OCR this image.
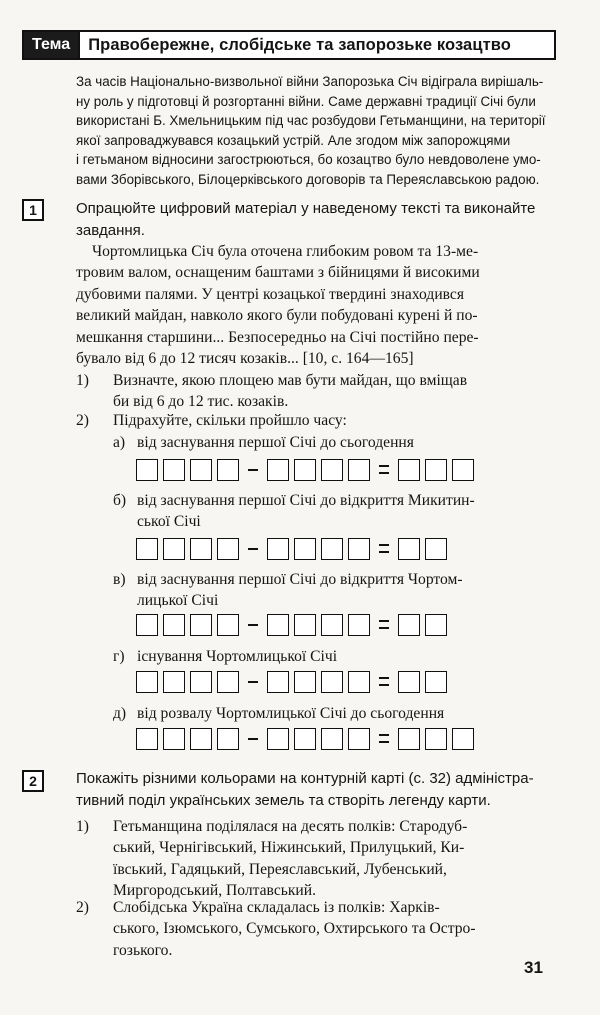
Тема	Правобережне, слобідське та запорозьке козацтво

За часів Національно-визвольної війни Запорозька Січ відіграла вирішаль-

ну роль у підготовці й розгортанні війни. Саме державні традиції Січі були

використані Б. Хмельницьким під час розбудови Гетьманщини, на території

якої запроваджувався козацький устрій. Але згодом між запорожцями

і гетьманом відносини загострюються, бо козацтво було невдоволене умо-

вами Зборівського, Білоцерківського договорів та Переяславською радою.

1	Опрацюйте цифровий матеріал у наведеному тексті та виконайте
завдання.

Чортомлицька Січ була оточена глибоким ровом та 13-ме-

тровим валом, оснащеним баштами з бійницями й високими

дубовими палями. У центрі козацької твердині знаходився

великий майдан, навколо якого були побудовані курені й по-

мешкання старшини... Безпосередньо на Січі постійно пере-

бувало від 6 до 12 тисяч козаків... [10, с. 164—165]

1)	Визначте, якою площею мав бути майдан, що вміщав
би від 6 до 12 тис. козаків.
2)	Підрахуйте, скільки пройшло часу:
а) від заснування першої Січі до сьогодення
б) від заснування першої Січі до відкриття Микитин-
ської Січі
в) від заснування першої Січі до відкриття Чортом-
лицької Січі
г) існування Чортомлицької Січі
д) від розвалу Чортомлицької Січі до сьогодення
2	Покажіть різними кольорами на контурній карті (с. 32) адміністра-
тивний поділ українських земель та створіть легенду карти.
1)	Гетьманщина поділялася на десять полків: Стародуб-
ський, Чернігівський, Ніжинський, Прилуцький, Ки-
ївський, Гадяцький, Переяславський, Лубенський,
Миргородський, Полтавський.
2)	Слобідська Україна складалась із полків: Харків-
ського, Ізюмського, Сумського, Охтирського та Остро-
гозького.
31
